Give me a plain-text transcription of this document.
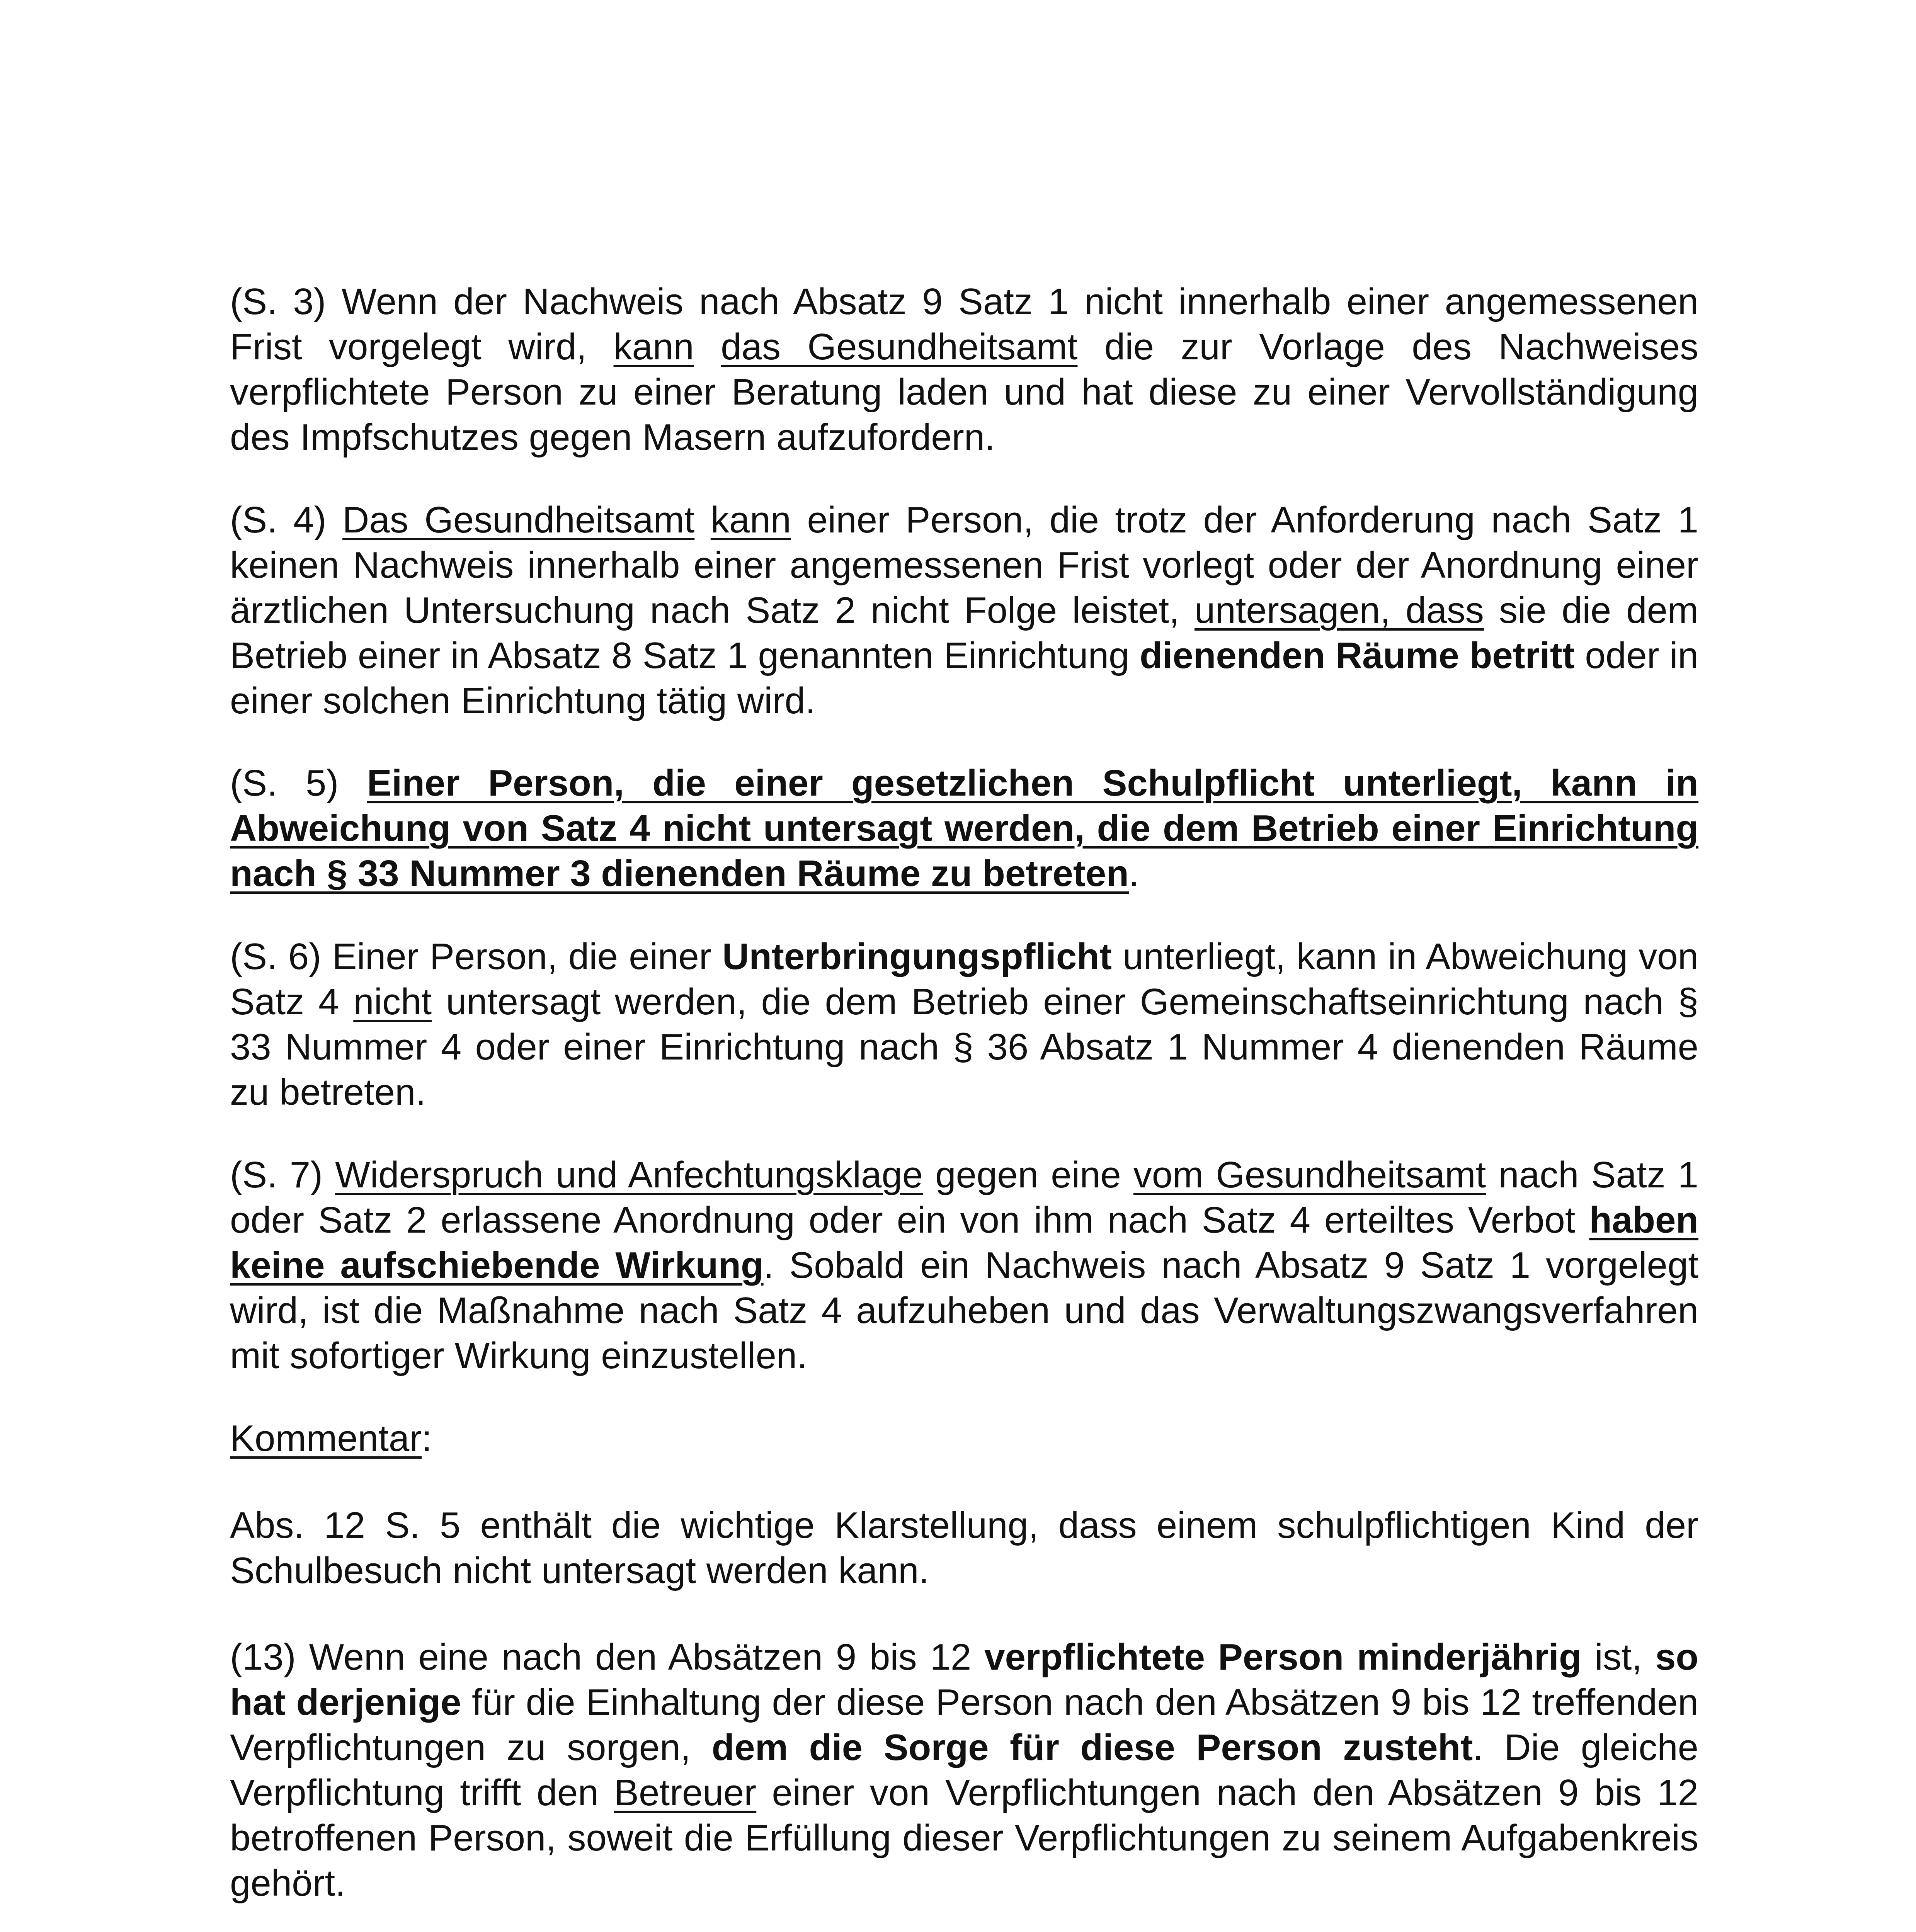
(S. 3) Wenn der Nachweis nach Absatz 9 Satz 1 nicht innerhalb einer angemessenen Frist vorgelegt wird, kann das Gesundheitsamt die zur Vorlage des Nachweises verpflichtete Person zu einer Beratung laden und hat diese zu einer Vervollständigung des Impfschutzes gegen Masern aufzufordern.

(S. 4) Das Gesundheitsamt kann einer Person, die trotz der Anforderung nach Satz 1 keinen Nachweis innerhalb einer angemessenen Frist vorlegt oder der Anordnung einer ärztlichen Untersuchung nach Satz 2 nicht Folge leistet, untersagen, dass sie die dem Betrieb einer in Absatz 8 Satz 1 genannten Einrichtung dienenden Räume betritt oder in einer solchen Einrichtung tätig wird.

(S. 5) Einer Person, die einer gesetzlichen Schulpflicht unterliegt, kann in Abweichung von Satz 4 nicht untersagt werden, die dem Betrieb einer Einrichtung nach § 33 Nummer 3 dienenden Räume zu betreten.

(S. 6) Einer Person, die einer Unterbringungspflicht unterliegt, kann in Abweichung von Satz 4 nicht untersagt werden, die dem Betrieb einer Gemeinschaftseinrichtung nach § 33 Nummer 4 oder einer Einrichtung nach § 36 Absatz 1 Nummer 4 dienenden Räume zu betreten.

(S. 7) Widerspruch und Anfechtungsklage gegen eine vom Gesundheitsamt nach Satz 1 oder Satz 2 erlassene Anordnung oder ein von ihm nach Satz 4 erteiltes Verbot haben keine aufschiebende Wirkung. Sobald ein Nachweis nach Absatz 9 Satz 1 vorgelegt wird, ist die Maßnahme nach Satz 4 aufzuheben und das Verwaltungszwangsverfahren mit sofortiger Wirkung einzustellen.

Kommentar:

Abs. 12 S. 5 enthält die wichtige Klarstellung, dass einem schulpflichtigen Kind der Schulbesuch nicht untersagt werden kann.

(13) Wenn eine nach den Absätzen 9 bis 12 verpflichtete Person minderjährig ist, so hat derjenige für die Einhaltung der diese Person nach den Absätzen 9 bis 12 treffenden Verpflichtungen zu sorgen, dem die Sorge für diese Person zusteht. Die gleiche Verpflichtung trifft den Betreuer einer von Verpflichtungen nach den Absätzen 9 bis 12 betroffenen Person, soweit die Erfüllung dieser Verpflichtungen zu seinem Aufgabenkreis gehört.
